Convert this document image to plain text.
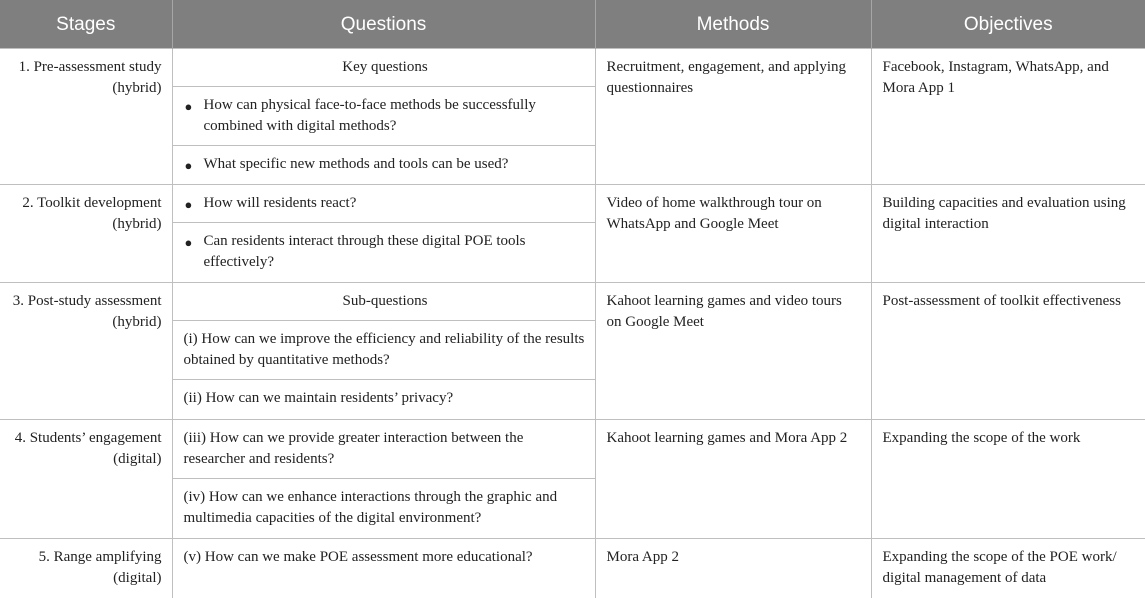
Stages	Questions	Methods	Objectives
1. Pre-assessment study (hybrid)	Key questions
● How can physical face-to-face methods be successfully combined with digital methods?
● What specific new methods and tools can be used?	Recruitment, engagement, and applying questionnaires	Facebook, Instagram, WhatsApp, and Mora App 1
2. Toolkit development (hybrid)	● How will residents react?
● Can residents interact through these digital POE tools effectively?	Video of home walkthrough tour on WhatsApp and Google Meet	Building capacities and evaluation using digital interaction
3. Post-study assessment (hybrid)	Sub-questions
(i) How can we improve the efficiency and reliability of the results obtained by quantitative methods?
(ii) How can we maintain residents’ privacy?	Kahoot learning games and video tours on Google Meet	Post-assessment of toolkit effectiveness
4. Students’ engagement (digital)	(iii) How can we provide greater interaction between the researcher and residents?
(iv) How can we enhance interactions through the graphic and multimedia capacities of the digital environment?	Kahoot learning games and Mora App 2	Expanding the scope of the work
5. Range amplifying (digital)	(v) How can we make POE assessment more educational?	Mora App 2	Expanding the scope of the POE work/ digital management of data
